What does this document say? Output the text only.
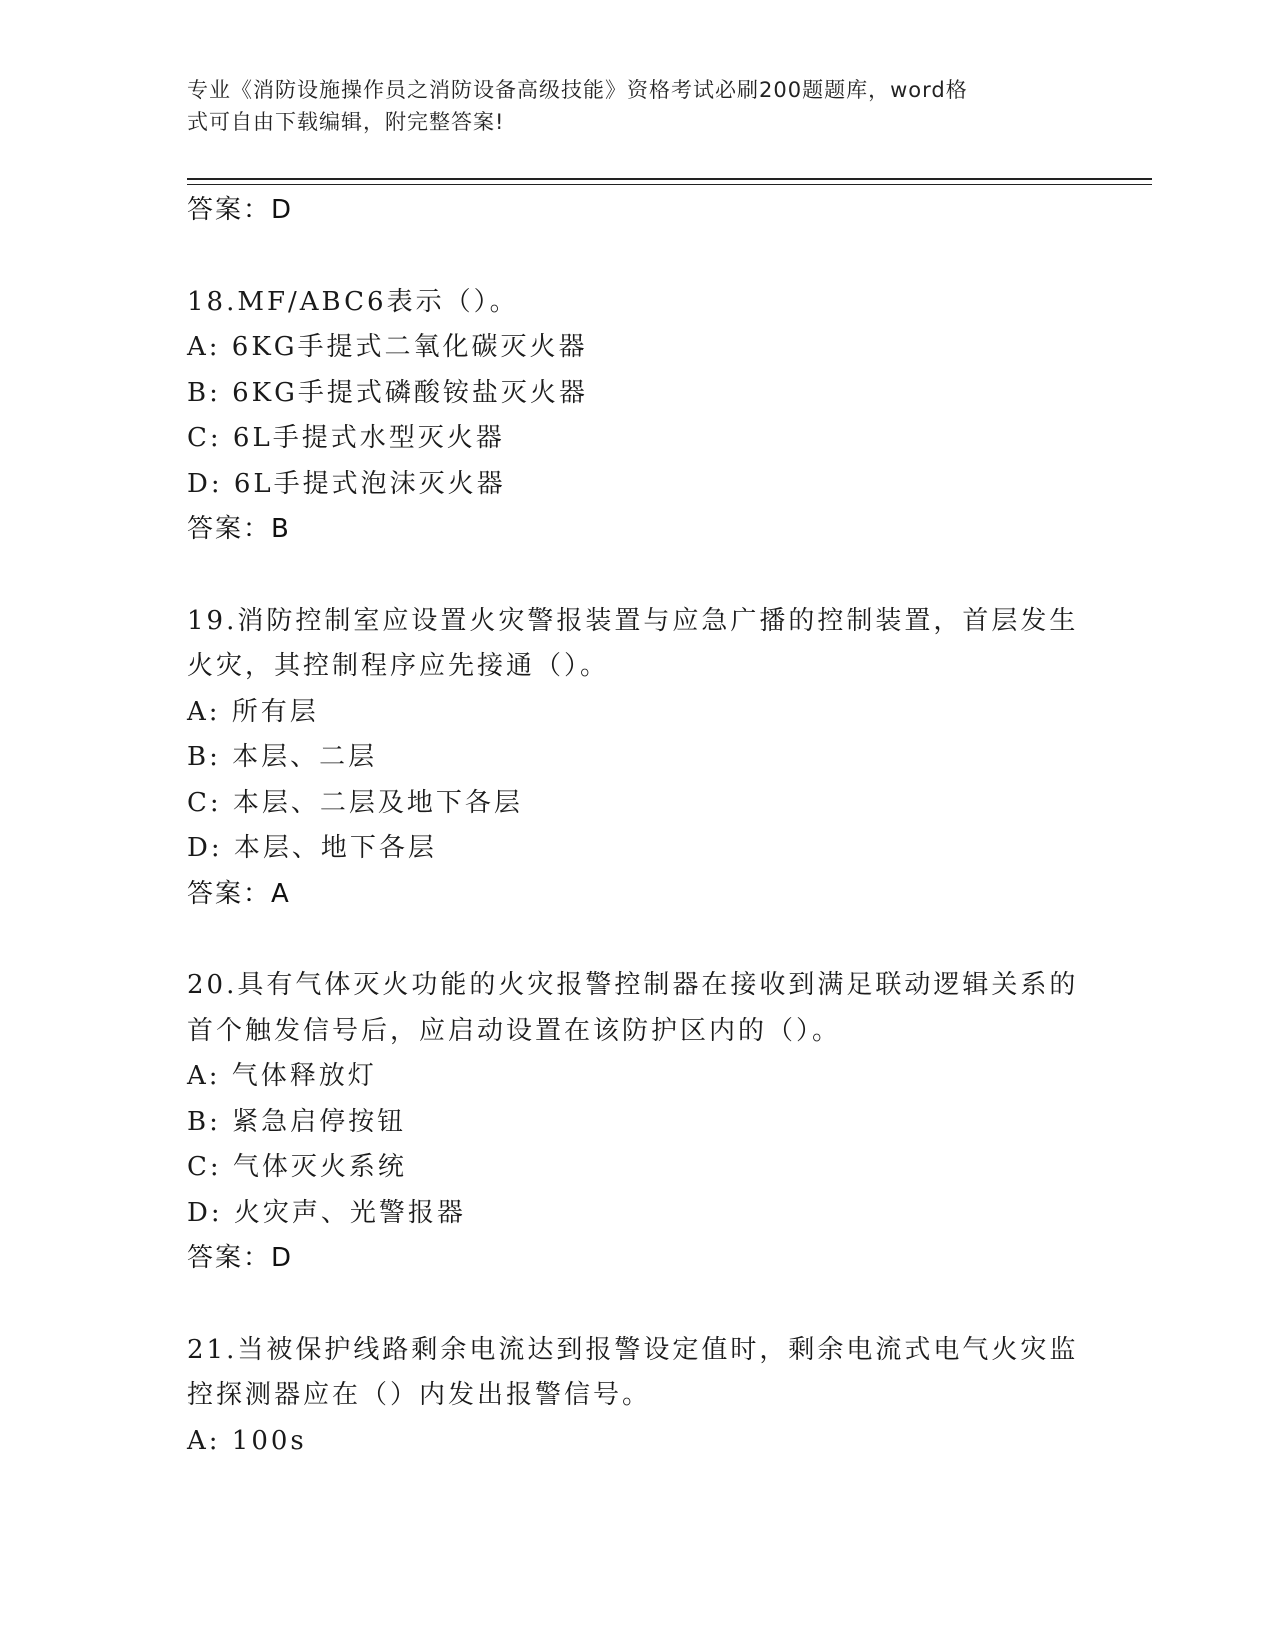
专业《消防设施操作员之消防设备高级技能》资格考试必刷200题题库，word格
式可自由下载编辑，附完整答案!
答案：D
18.MF/ABC6表示（）。
A: 6KG手提式二氧化碳灭火器
B: 6KG手提式磷酸铵盐灭火器
C: 6L手提式水型灭火器
D: 6L手提式泡沫灭火器
答案：B
19.消防控制室应设置火灾警报装置与应急广播的控制装置，首层发生
火灾，其控制程序应先接通（）。
A: 所有层
B: 本层、二层
C: 本层、二层及地下各层
D: 本层、地下各层
答案：A
20.具有气体灭火功能的火灾报警控制器在接收到满足联动逻辑关系的
首个触发信号后，应启动设置在该防护区内的（）。
A: 气体释放灯
B: 紧急启停按钮
C: 气体灭火系统
D: 火灾声、光警报器
答案：D
21.当被保护线路剩余电流达到报警设定值时，剩余电流式电气火灾监
控探测器应在（）内发出报警信号。
A: 100s
